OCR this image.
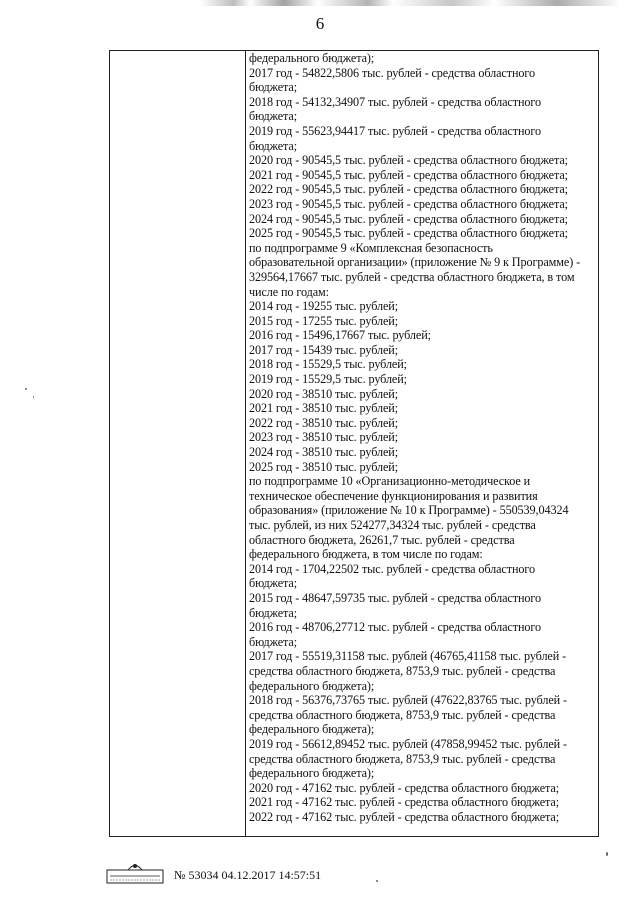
6
федерального бюджета);
2017 год - 54822,5806 тыс. рублей - средства областного
бюджета;
2018 год - 54132,34907 тыс. рублей - средства областного
бюджета;
2019 год - 55623,94417 тыс. рублей - средства областного
бюджета;
2020 год - 90545,5 тыс. рублей - средства областного бюджета;
2021 год - 90545,5 тыс. рублей - средства областного бюджета;
2022 год - 90545,5 тыс. рублей - средства областного бюджета;
2023 год - 90545,5 тыс. рублей - средства областного бюджета;
2024 год - 90545,5 тыс. рублей - средства областного бюджета;
2025 год - 90545,5 тыс. рублей - средства областного бюджета;
по подпрограмме 9 «Комплексная безопасность
образовательной организации» (приложение № 9 к Программе) -
329564,17667 тыс. рублей - средства областного бюджета, в том
числе по годам:
2014 год - 19255 тыс. рублей;
2015 год - 17255 тыс. рублей;
2016 год - 15496,17667 тыс. рублей;
2017 год - 15439 тыс. рублей;
2018 год - 15529,5 тыс. рублей;
2019 год - 15529,5 тыс. рублей;
2020 год - 38510 тыс. рублей;
2021 год - 38510 тыс. рублей;
2022 год - 38510 тыс. рублей;
2023 год - 38510 тыс. рублей;
2024 год - 38510 тыс. рублей;
2025 год - 38510 тыс. рублей;
по подпрограмме 10 «Организационно-методическое и
техническое обеспечение функционирования и развития
образования» (приложение № 10 к Программе) - 550539,04324
тыс. рублей, из них 524277,34324 тыс. рублей - средства
областного бюджета, 26261,7 тыс. рублей - средства
федерального бюджета, в том числе по годам:
2014 год - 1704,22502 тыс. рублей - средства областного
бюджета;
2015 год - 48647,59735 тыс. рублей - средства областного
бюджета;
2016 год - 48706,27712 тыс. рублей - средства областного
бюджета;
2017 год - 55519,31158 тыс. рублей (46765,41158 тыс. рублей -
средства областного бюджета, 8753,9 тыс. рублей - средства
федерального бюджета);
2018 год - 56376,73765 тыс. рублей (47622,83765 тыс. рублей -
средства областного бюджета, 8753,9 тыс. рублей - средства
федерального бюджета);
2019 год - 56612,89452 тыс. рублей (47858,99452 тыс. рублей -
средства областного бюджета, 8753,9 тыс. рублей - средства
федерального бюджета);
2020 год - 47162 тыс. рублей - средства областного бюджета;
2021 год - 47162 тыс. рублей - средства областного бюджета;
2022 год - 47162 тыс. рублей - средства областного бюджета;
№ 53034 04.12.2017 14:57:51
